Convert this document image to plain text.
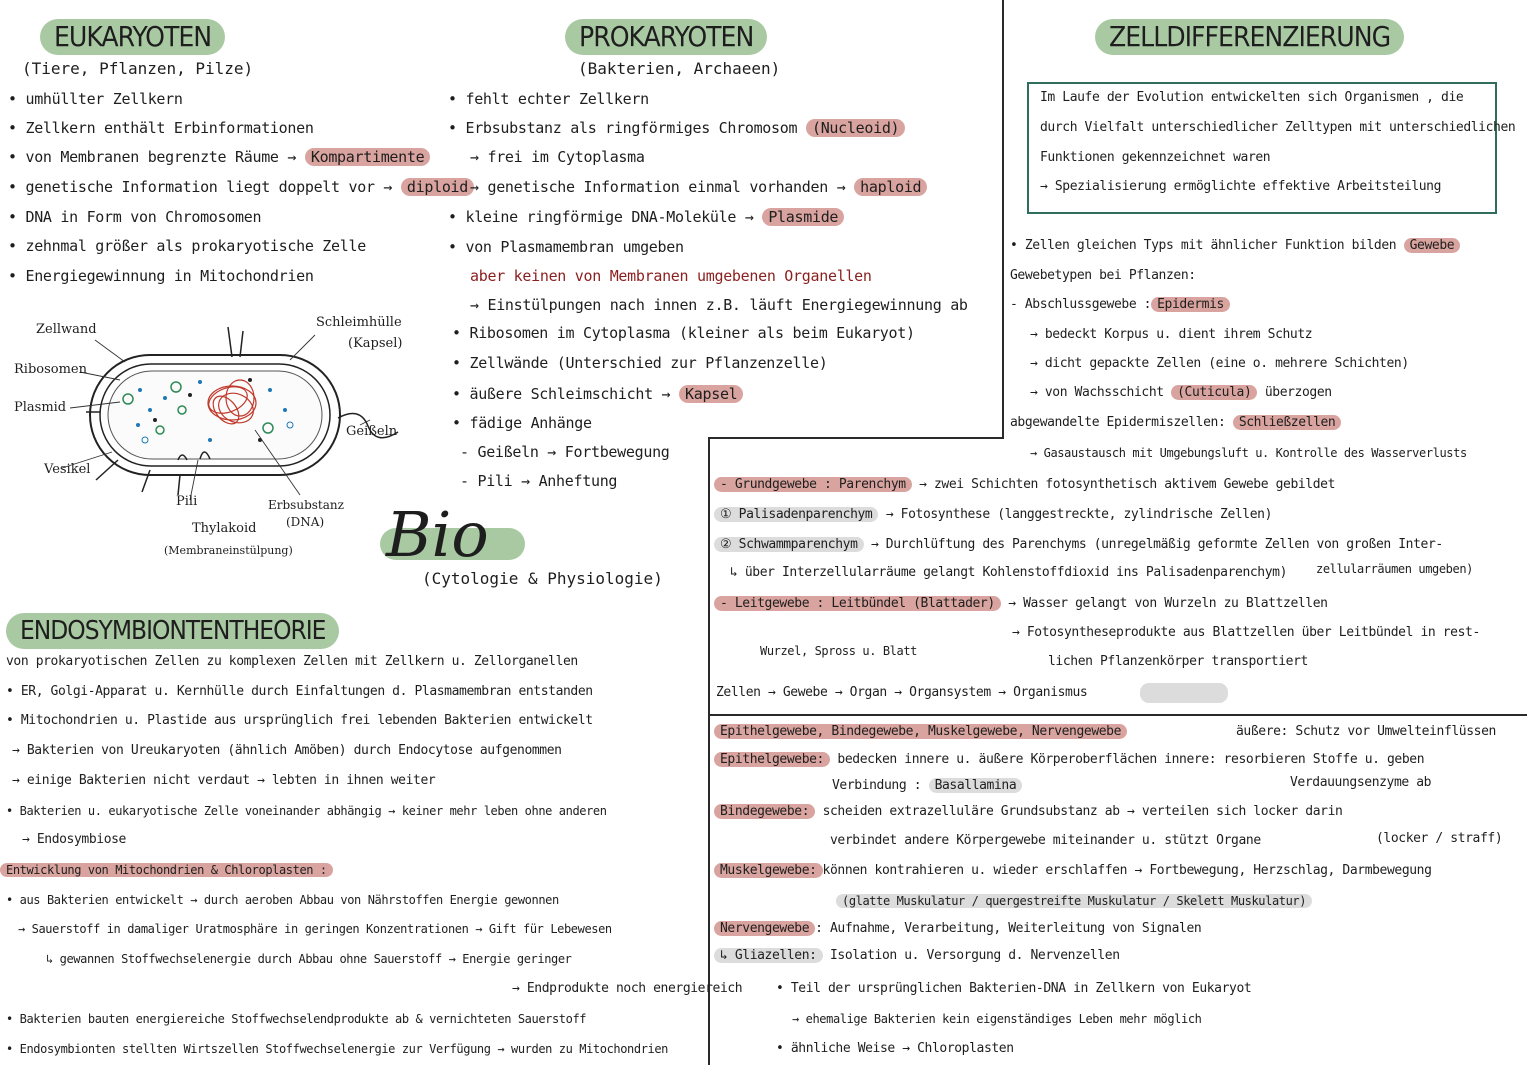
EUKARYOTEN
(Tiere, Pflanzen, Pilze)
• umhüllter Zellkern
• Zellkern enthält Erbinformationen
• von Membranen begrenzte Räume → Kompartimente
• genetische Information liegt doppelt vor → diploid
• DNA in Form von Chromosomen
• zehnmal größer als prokaryotische Zelle
• Energiegewinnung in Mitochondrien
Zellwand
Ribosomen
Plasmid
Vesikel
Pili
Thylakoid
(Membraneinstülpung)
Erbsubstanz
(DNA)
Schleimhülle
(Kapsel)
Geißeln
PROKARYOTEN
(Bakterien, Archaeen)
• fehlt echter Zellkern
• Erbsubstanz als ringförmiges Chromosom (Nucleoid)
→ frei im Cytoplasma
→ genetische Information einmal vorhanden → haploid
• kleine ringförmige DNA-Moleküle → Plasmide
• von Plasmamembran umgeben
aber keinen von Membranen umgebenen Organellen
→ Einstülpungen nach innen z.B. läuft Energiegewinnung ab
• Ribosomen im Cytoplasma (kleiner als beim Eukaryot)
• Zellwände (Unterschied zur Pflanzenzelle)
• äußere Schleimschicht → Kapsel
• fädige Anhänge
- Geißeln → Fortbewegung
- Pili → Anheftung
Bio
(Cytologie & Physiologie)
ZELLDIFFERENZIERUNG
Im Laufe der Evolution entwickelten sich Organismen , die
durch Vielfalt unterschiedlicher Zelltypen mit unterschiedlichen
Funktionen gekennzeichnet waren
→ Spezialisierung ermöglichte effektive Arbeitsteilung
• Zellen gleichen Typs mit ähnlicher Funktion bilden Gewebe
Gewebetypen bei Pflanzen:
- Abschlussgewebe : Epidermis
→ bedeckt Korpus u. dient ihrem Schutz
→ dicht gepackte Zellen (eine o. mehrere Schichten)
→ von Wachsschicht (Cuticula) überzogen
abgewandelte Epidermiszellen: Schließzellen
→ Gasaustausch mit Umgebungsluft u. Kontrolle des Wasserverlusts
- Grundgewebe : Parenchym → zwei Schichten fotosynthetisch aktivem Gewebe gebildet
① Palisadenparenchym → Fotosynthese (langgestreckte, zylindrische Zellen)
② Schwammparenchym → Durchlüftung des Parenchyms (unregelmäßig geformte Zellen von großen Inter-
↳ über Interzellularräume gelangt Kohlenstoffdioxid ins Palisadenparenchym) zellularräumen umgeben)
- Leitgewebe : Leitbündel (Blattader) → Wasser gelangt von Wurzeln zu Blattzellen
→ Fotosyntheseprodukte aus Blattzellen über Leitbündel in rest-
lichen Pflanzenkörper transportiert
Wurzel, Spross u. Blatt
Zellen → Gewebe → Organ → Organsystem → Organismus
Epithelgewebe, Bindegewebe, Muskelgewebe, Nervengewebe	äußere: Schutz vor Umwelteinflüssen
Epithelgewebe: bedecken innere u. äußere Körperoberflächen innere: resorbieren Stoffe u. geben
Verbindung : Basallamina	Verdauungsenzyme ab
Bindegewebe: scheiden extrazelluläre Grundsubstanz ab → verteilen sich locker darin
verbindet andere Körpergewebe miteinander u. stützt Organe	(locker / straff)
Muskelgewebe: können kontrahieren u. wieder erschlaffen → Fortbewegung, Herzschlag, Darmbewegung
(glatte Muskulatur / quergestreifte Muskulatur / Skelett Muskulatur)
Nervengewebe : Aufnahme, Verarbeitung, Weiterleitung von Signalen
↳ Gliazellen: Isolation u. Versorgung d. Nervenzellen
ENDOSYMBIONTENTHEORIE
von prokaryotischen Zellen zu komplexen Zellen mit Zellkern u. Zellorganellen
• ER, Golgi-Apparat u. Kernhülle durch Einfaltungen d. Plasmamembran entstanden
• Mitochondrien u. Plastide aus ursprünglich frei lebenden Bakterien entwickelt
→ Bakterien von Ureukaryoten (ähnlich Amöben) durch Endocytose aufgenommen
→ einige Bakterien nicht verdaut → lebten in ihnen weiter
• Bakterien u. eukaryotische Zelle voneinander abhängig → keiner mehr leben ohne anderen
→ Endosymbiose
Entwicklung von Mitochondrien & Chloroplasten :
• aus Bakterien entwickelt → durch aeroben Abbau von Nährstoffen Energie gewonnen
→ Sauerstoff in damaliger Uratmosphäre in geringen Konzentrationen → Gift für Lebewesen
↳ gewannen Stoffwechselenergie durch Abbau ohne Sauerstoff → Energie geringer
→ Endprodukte noch energiereich
• Bakterien bauten energiereiche Stoffwechselendprodukte ab & vernichteten Sauerstoff
• Endosymbionten stellten Wirtszellen Stoffwechselenergie zur Verfügung → wurden zu Mitochondrien
• Teil der ursprünglichen Bakterien-DNA in Zellkern von Eukaryot
→ ehemalige Bakterien kein eigenständiges Leben mehr möglich
• ähnliche Weise → Chloroplasten
